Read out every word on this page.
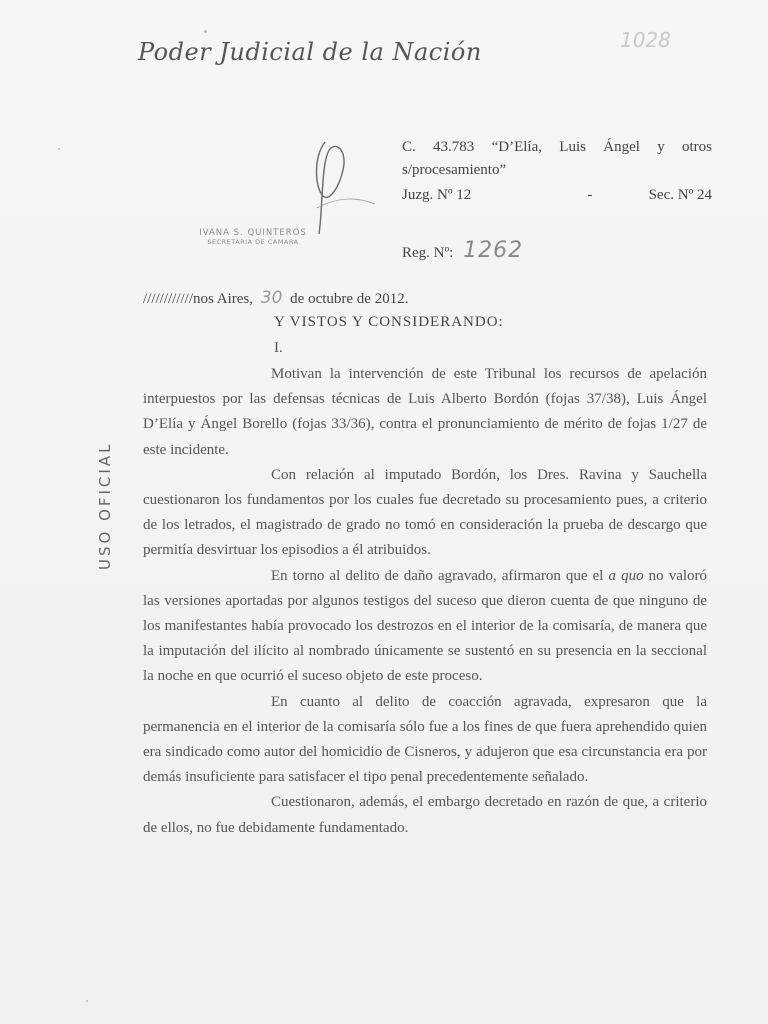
Poder Judicial de la Nación	1028
IVANA S. QUINTEROS
SECRETARIA DE CAMARA
C. 43.783 “D’Elía, Luis Ángel y otros
s/procesamiento”
Juzg. Nº 12	-	Sec. Nº 24
Reg. Nº: 1262
USO OFICIAL
////////////nos Aires, 30 de octubre de 2012.
Y VISTOS Y CONSIDERANDO:
I.

Motivan la intervención de este Tribunal los recursos de apelación interpuestos por las defensas técnicas de Luis Alberto Bordón (fojas 37/38), Luis Ángel D’Elía y Ángel Borello (fojas 33/36), contra el pronunciamiento de mérito de fojas 1/27 de este incidente.

Con relación al imputado Bordón, los Dres. Ravina y Sauchella cuestionaron los fundamentos por los cuales fue decretado su procesamiento pues, a criterio de los letrados, el magistrado de grado no tomó en consideración la prueba de descargo que permitía desvirtuar los episodios a él atribuidos.

En torno al delito de daño agravado, afirmaron que el a quo no valoró las versiones aportadas por algunos testigos del suceso que dieron cuenta de que ninguno de los manifestantes había provocado los destrozos en el interior de la comisaría, de manera que la imputación del ilícito al nombrado únicamente se sustentó en su presencia en la seccional la noche en que ocurrió el suceso objeto de este proceso.

En cuanto al delito de coacción agravada, expresaron que la permanencia en el interior de la comisaría sólo fue a los fines de que fuera aprehendido quien era sindicado como autor del homicidio de Cisneros, y adujeron que esa circunstancia era por demás insuficiente para satisfacer el tipo penal precedentemente señalado.

Cuestionaron, además, el embargo decretado en razón de que, a criterio de ellos, no fue debidamente fundamentado.
